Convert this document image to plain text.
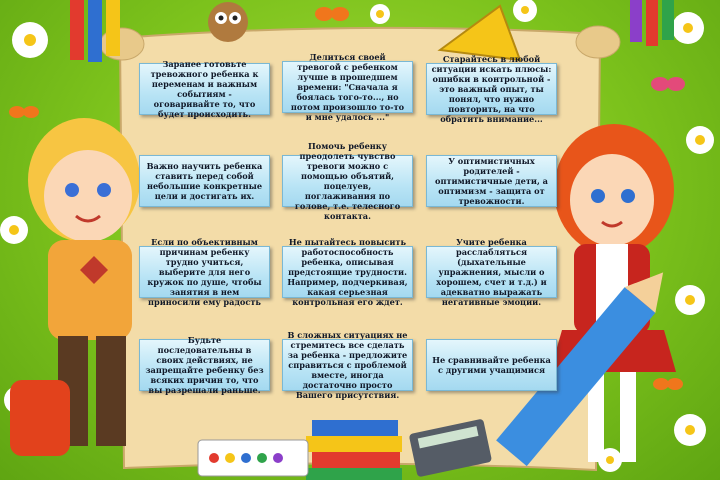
Заранее готовьте тревожного ребенка к переменам и важным событиям - оговаривайте то, что будет происходить.
Делиться своей тревогой с ребенком лучше в прошедшем времени: "Сначала я боялась того-то..., но потом произошло то-то и мне удалось ..."
Старайтесь в любой ситуации искать плюсы: ошибки в контрольной - это важный опыт, ты понял, что нужно повторить, на что обратить внимание...
Важно научить ребенка ставить перед собой небольшие конкретные цели и достигать их.
Помочь ребенку преодолеть чувство тревоги можно с помощью объятий, поцелуев, поглаживания по голове, т.е. телесного контакта.
У оптимистичных родителей - оптимистичные дети, а оптимизм - защита от тревожности.
Если по объективным причинам ребенку трудно учиться, выберите для него кружок по душе, чтобы занятия в нем приносили ему радость
Не пытайтесь повысить работоспособность ребенка, описывая предстоящие трудности. Например, подчеркивая, какая серьезная контрольная его ждет.
Учите ребенка расслабляться (дыхательные упражнения, мысли о хорошем, счет и т.д.) и адекватно выражать негативные эмоции.
Будьте последовательны в своих действиях, не запрещайте ребенку без всяких причин то, что вы разрешали раньше.
В сложных ситуациях не стремитесь все сделать за ребенка - предложите справиться с проблемой вместе, иногда достаточно просто Вашего присутствия.
Не сравнивайте ребенка с другими учащимися
